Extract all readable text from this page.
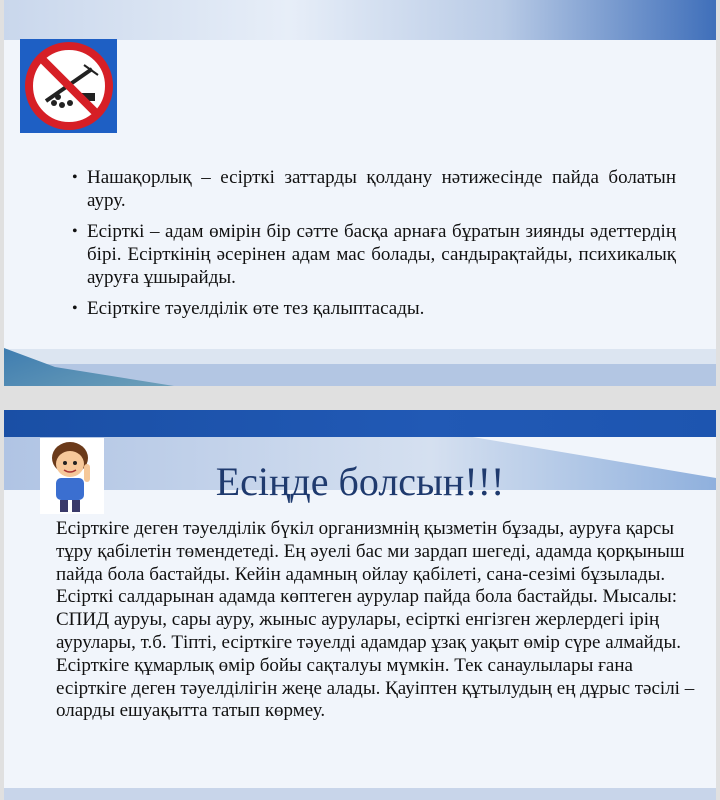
• Нашақорлық – есірткі заттарды қолдану нәтижесінде пайда болатын ауру.
• Есірткі – адам өмірін бір сәтте басқа арнаға бұратын зиянды әдеттердің бірі. Есірткінің әсерінен адам мас болады, сандырақтайды, психикалық ауруға ұшырайды.
• Есірткіге тәуелділік өте тез қалыптасады.
Есіңде болсын!!!

Есірткіге деген тәуелділік бүкіл организмнің қызметін бұзады, ауруға қарсы тұру қабілетін төмендетеді. Ең әуелі бас ми зардап шегеді, адамда қорқыныш пайда бола бастайды. Кейін адамның ойлау қабілеті, сана-сезімі бұзылады. Есірткі салдарынан адамда көптеген аурулар пайда бола бастайды. Мысалы: СПИД ауруы, сары ауру, жыныс аурулары, есірткі енгізген жерлердегі ірің аурулары, т.б. Тіпті, есірткіге тәуелді адамдар ұзақ уақыт өмір сүре алмайды. Есірткіге құмарлық өмір бойы сақталуы мүмкін. Тек санаулылары ғана есірткіге деген тәуелділігін жеңе алады. Қауіптен құтылудың ең дұрыс тәсілі – оларды ешуақытта татып көрмеу.
